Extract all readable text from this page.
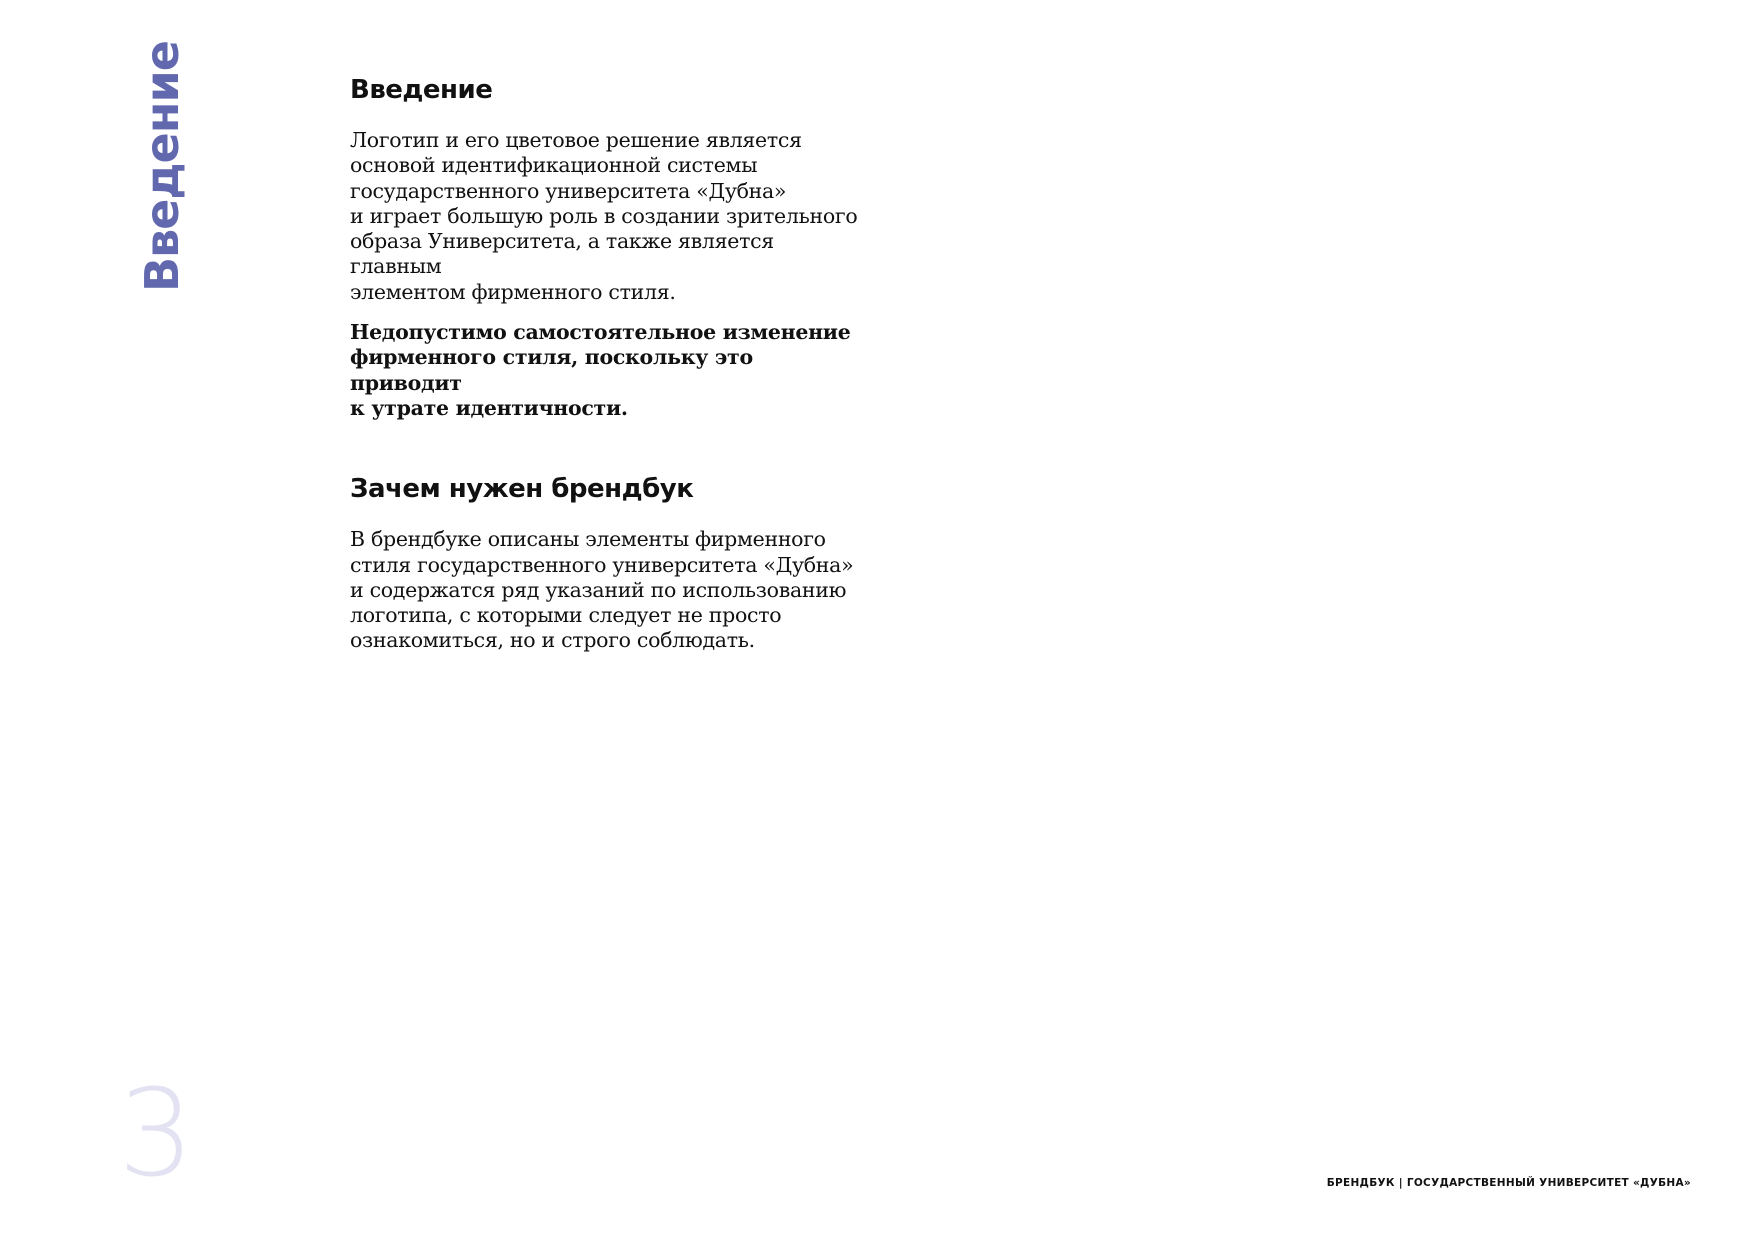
Введение	Введение
Логотип и его цветовое решение является
основой идентификационной системы
государственного университета «Дубна»
и играет большую роль в создании зрительного
образа Университета, а также является главным
элементом фирменного стиля.
Недопустимо самостоятельное изменение
фирменного стиля, поскольку это приводит
к утрате идентичности.
Зачем нужен брендбук
В брендбуке описаны элементы фирменного
стиля государственного университета «Дубна»
и содержатся ряд указаний по использованию
логотипа, с которыми следует не просто
ознакомиться, но и строго соблюдать.
3	БРЕНДБУК | ГОСУДАРСТВЕННЫЙ УНИВЕРСИТЕТ «ДУБНА»
